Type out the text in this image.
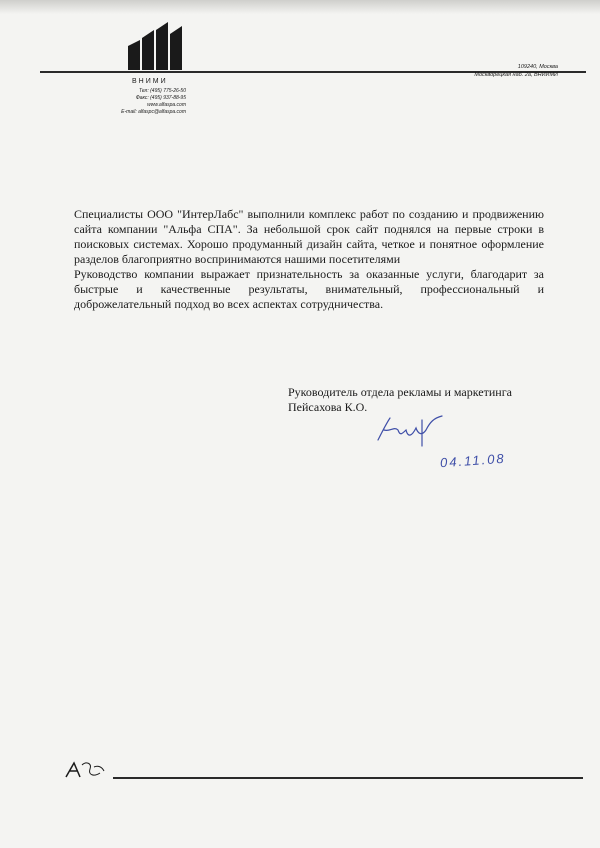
ВНИМИ
109240, Москва
Москворецкая наб. 2а, ВНИИМИ
Тел: (495) 775-26-50
Факс: (495) 937-88-95
www.alfaspa.com
E-mail: alfaspc@alfaspa.com

Специалисты ООО "ИнтерЛабс" выполнили комплекс работ по созданию и продвижению сайта компании "Альфа СПА". За небольшой срок сайт поднялся на первые строки в поисковых системах. Хорошо продуманный дизайн сайта, четкое и понятное оформление разделов благоприятно воспринимаются нашими посетителями

Руководство компании выражает признательность за оказанные услуги, благодарит за быстрые и качественные результаты, внимательный, профессиональный и доброжелательный подход во всех аспектах сотрудничества.

Руководитель отдела рекламы и маркетинга
Пейсахова К.О.
04.11.08
